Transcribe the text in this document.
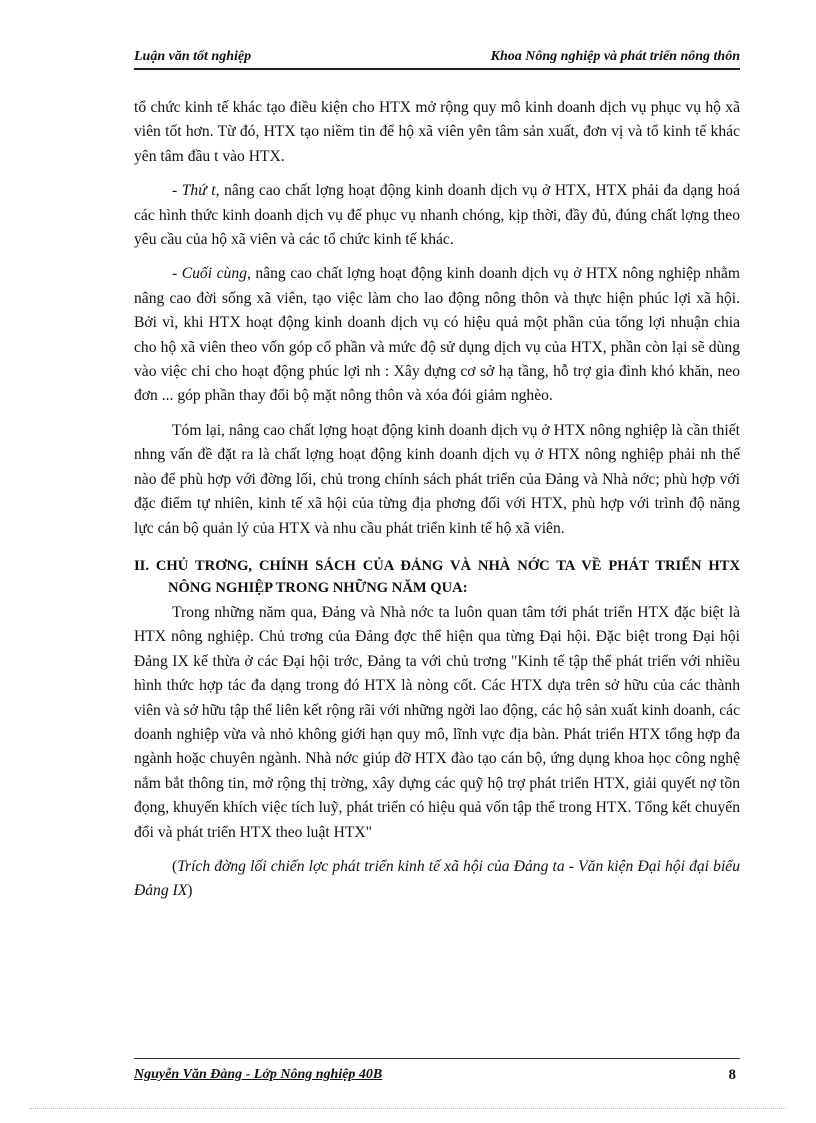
Luận văn tốt nghiệp	Khoa Nông nghiệp và phát triển nông thôn

tổ chức kinh tế khác tạo điều kiện cho HTX mở rộng quy mô kinh doanh dịch vụ phục vụ hộ xã viên tốt hơn. Từ đó, HTX tạo niềm tin để hộ xã viên yên tâm sản xuất, đơn vị và tổ kinh tế khác yên tâm đầu t vào HTX.

- Thứ t, nâng cao chất lợng hoạt động kinh doanh dịch vụ ở HTX, HTX phải đa dạng hoá các hình thức kinh doanh dịch vụ để phục vụ nhanh chóng, kịp thời, đầy đủ, đúng chất lợng theo yêu cầu của hộ xã viên và các tổ chức kinh tế khác.

- Cuối cùng, nâng cao chất lợng hoạt động kinh doanh dịch vụ ở HTX nông nghiệp nhằm nâng cao đời sống xã viên, tạo việc làm cho lao động nông thôn và thực hiện phúc lợi xã hội. Bởi vì, khi HTX hoạt động kinh doanh dịch vụ có hiệu quả một phần của tổng lợi nhuận chia cho hộ xã viên theo vốn góp cổ phần và mức độ sử dụng dịch vụ của HTX, phần còn lại sẽ dùng vào việc chi cho hoạt động phúc lợi nh : Xây dựng cơ sở hạ tầng, hỗ trợ gia đình khó khăn, neo đơn ... góp phần thay đổi bộ mặt nông thôn và xóa đói giảm nghèo.

Tóm lại, nâng cao chất lợng hoạt động kinh doanh dịch vụ ở HTX nông nghiệp là cần thiết nhng vấn đề đặt ra là chất lợng hoạt động kinh doanh dịch vụ ở HTX nông nghiệp phải nh thế nào để phù hợp với đờng lối, chủ trong chính sách phát triển của Đảng và Nhà nớc; phù hợp với đặc điểm tự nhiên, kinh tế xã hội của từng địa phơng đối với HTX, phù hợp với trình độ năng lực cán bộ quản lý của HTX và nhu cầu phát triển kinh tế hộ xã viên.

II. CHỦ TRƠNG, CHÍNH SÁCH CỦA ĐẢNG VÀ NHÀ NỚC TA VỀ PHÁT TRIỂN HTX NÔNG NGHIỆP TRONG NHỮNG NĂM QUA:

Trong những năm qua, Đảng và Nhà nớc ta luôn quan tâm tới phát triển HTX đặc biệt là HTX nông nghiệp. Chủ trơng của Đảng đợc thể hiện qua từng Đại hội. Đặc biệt trong Đại hội Đảng IX kế thừa ở các Đại hội trớc, Đảng ta với chủ trơng "Kinh tế tập thể phát triển với nhiều hình thức hợp tác đa dạng trong đó HTX là nòng cốt. Các HTX dựa trên sở hữu của các thành viên và sở hữu tập thể liên kết rộng rãi với những ngời lao động, các hộ sản xuất kinh doanh, các doanh nghiệp vừa và nhỏ không giới hạn quy mô, lĩnh vực địa bàn. Phát triển HTX tổng hợp đa ngành hoặc chuyên ngành. Nhà nớc giúp đỡ HTX đào tạo cán bộ, ứng dụng khoa học công nghệ nắm bắt thông tin, mở rộng thị trờng, xây dựng các quỹ hộ trợ phát triển HTX, giải quyết nợ tồn đọng, khuyến khích việc tích luỹ, phát triển có hiệu quả vốn tập thể trong HTX. Tổng kết chuyển đổi và phát triển HTX theo luật HTX"

(Trích đờng lối chiến lợc phát triển kinh tế xã hội của Đảng ta - Văn kiện Đại hội đại biểu Đảng IX)

Nguyễn Văn Đàng - Lớp Nông nghiệp 40B	8
